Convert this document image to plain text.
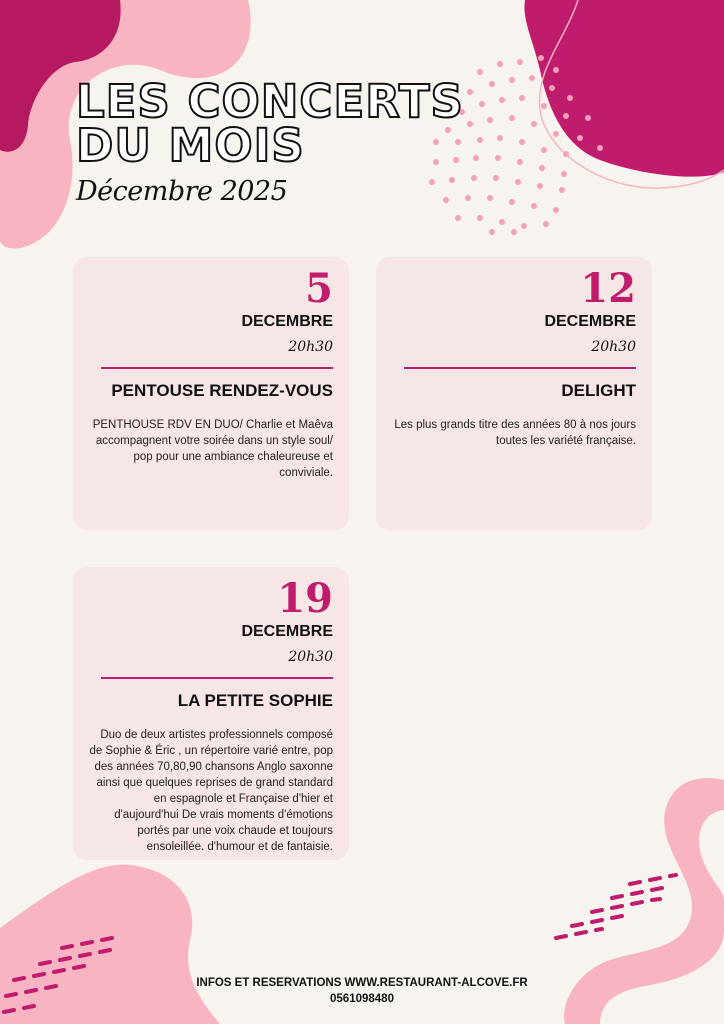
LES CONCERTS
DU MOIS
Décembre 2025
5
DECEMBRE
20h30
PENTOUSE RENDEZ-VOUS
PENTHOUSE RDV EN DUO/ Charlie et Maêva accompagnent votre soirée dans un style soul/ pop pour une ambiance chaleureuse et conviviale.
12
DECEMBRE
20h30
DELIGHT
Les plus grands titre des années 80 à nos jours toutes les variété française.
19
DECEMBRE
20h30
LA PETITE SOPHIE
Duo de deux artistes professionnels composé de Sophie & Éric , un répertoire varié entre, pop des années 70,80,90 chansons Anglo saxonne ainsi que quelques reprises de grand standard en espagnole et Française d'hier et d'aujourd'hui De vrais moments d'émotions portés par une voix chaude et toujours ensoleillée. d'humour et de fantaisie.
INFOS ET RESERVATIONS WWW.RESTAURANT-ALCOVE.FR
0561098480
